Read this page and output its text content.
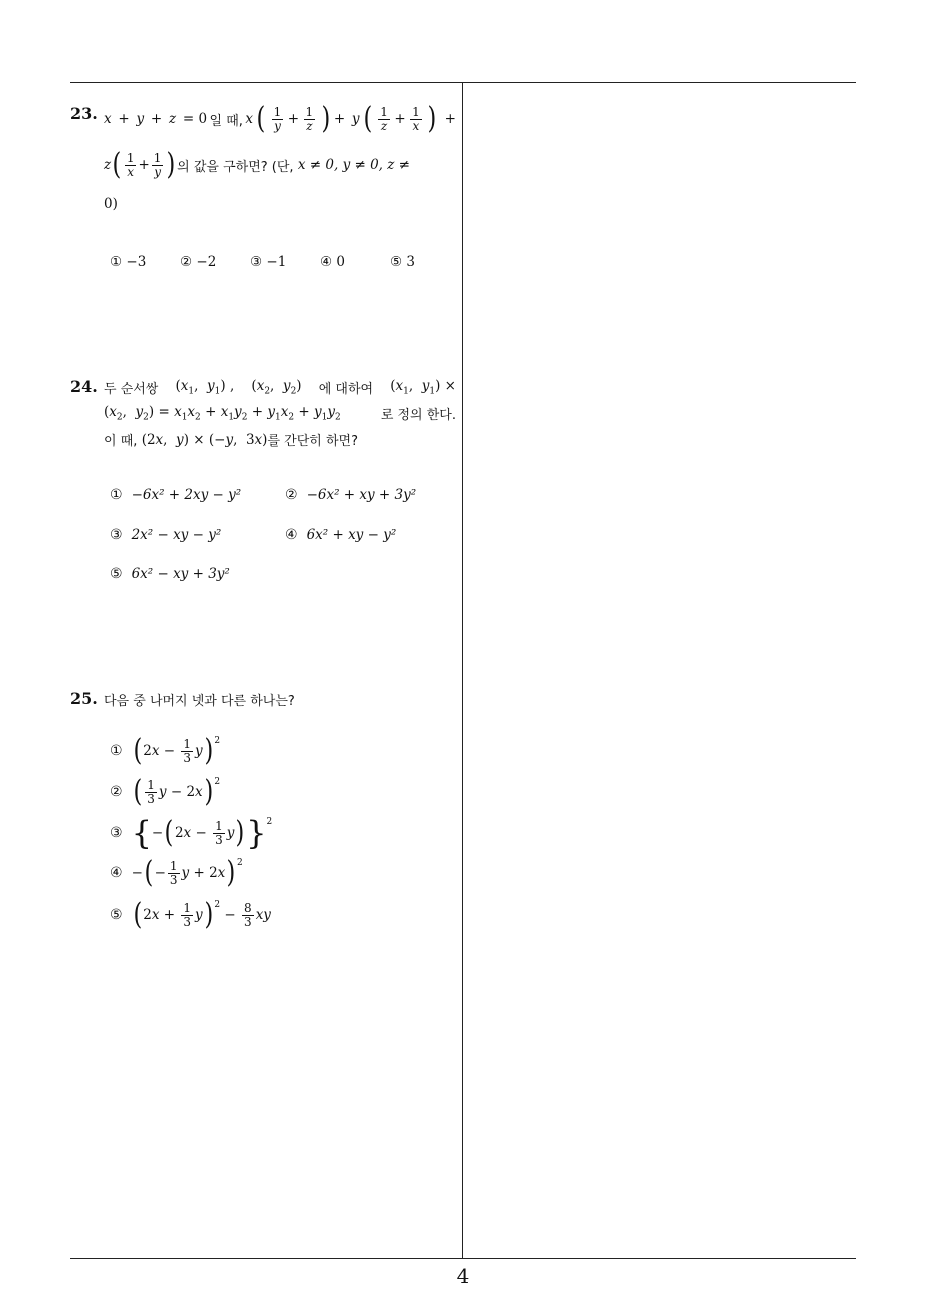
4
23. x + y + z = 0 일 때, x ( $\frac{1}{y} + \frac{1}{z}$ ) + y ( $\frac{1}{z} + \frac{1}{x}$ ) +
z ( $\frac{1}{x} + \frac{1}{y}$ ) 의 값을 구하면? (단,
x ≠ 0,
y ≠ 0,
z ≠
0)
① −3 ② −2 ③ −1 ④ 0	⑤ 3
24. 두 순서쌍 ($x_1$,  $y_1$) , ($x_2$,  $y_2$) 에 대하여 ($x_1$,  $y_1$) ×
($x_2$,  $y_2) = x_1x_2 + x_1y_2 + y_1x_2 + y_1y_2$	로 정의 한다.
이 때,
(2x,  y) × (−y,  3x) 를 간단히 하면?
① −6x² + 2xy − y²	② −6x² + xy + 3y²
③ 2x² − xy − y²	④ 6x² + xy − y²
⑤ 6x² − xy + 3y²
25. 다음 중 나머지 넷과 다른 하나는?
① ( 2 $x - \frac{1}{3}$ y )$^2$
② ( $\frac{1}{3}$ y − 2 x )$^2$
③ { − ( 2 $x - \frac{1}{3}$ y ) }$^2$
④ − ( − $\frac{1}{3}$ y + 2 x )$^2$
⑤ ( 2 $x + \frac{1}{3}$ y )$^2$
− $\frac{8}{3}$ xy
